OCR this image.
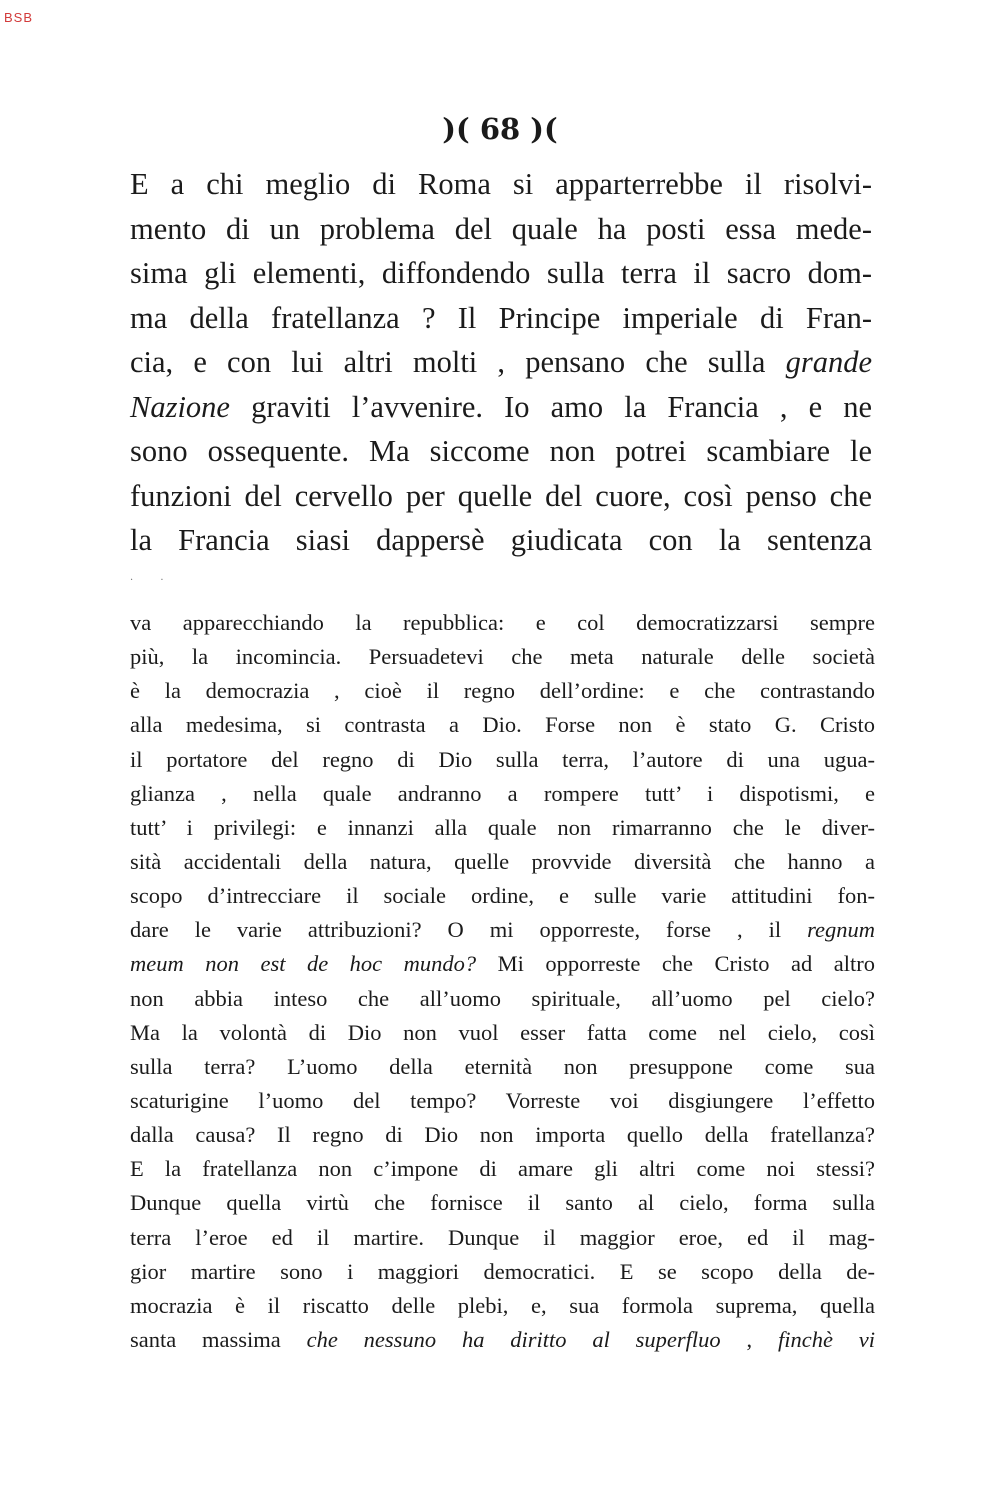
BSB
)( 68 )(
E a chi meglio di Roma si apparterrebbe il risolvi-
mento di un problema del quale ha posti essa mede-
sima gli elementi, diffondendo sulla terra il sacro dom-
ma della fratellanza ? Il Principe imperiale di Fran-
cia, e con lui altri molti , pensano che sulla grande
Nazione graviti l’avvenire. Io amo la Francia , e ne
sono ossequente. Ma siccome non potrei scambiare le
funzioni del cervello per quelle del cuore, così penso che
la Francia siasi dappersè giudicata con la sentenza
· ·
va apparecchiando la repubblica: e col democratizzarsi sempre
più, la incomincia. Persuadetevi che meta naturale delle società
è la democrazia , cioè il regno dell’ordine: e che contrastando
alla medesima, si contrasta a Dio. Forse non è stato G. Cristo
il portatore del regno di Dio sulla terra, l’autore di una ugua-
glianza , nella quale andranno a rompere tutt’ i dispotismi, e
tutt’ i privilegi: e innanzi alla quale non rimarranno che le diver-
sità accidentali della natura, quelle provvide diversità che hanno a
scopo d’intrecciare il sociale ordine, e sulle varie attitudini fon-
dare le varie attribuzioni? O mi opporreste, forse , il regnum
meum non est de hoc mundo? Mi opporreste che Cristo ad altro
non abbia inteso che all’uomo spirituale, all’uomo pel cielo?
Ma la volontà di Dio non vuol esser fatta come nel cielo, così
sulla terra? L’uomo della eternità non presuppone come sua
scaturigine l’uomo del tempo? Vorreste voi disgiungere l’effetto
dalla causa? Il regno di Dio non importa quello della fratellanza?
E la fratellanza non c’impone di amare gli altri come noi stessi?
Dunque quella virtù che fornisce il santo al cielo, forma sulla
terra l’eroe ed il martire. Dunque il maggior eroe, ed il mag-
gior martire sono i maggiori democratici. E se scopo della de-
mocrazia è il riscatto delle plebi, e, sua formola suprema, quella
santa massima che nessuno ha diritto al superfluo , finchè vi
